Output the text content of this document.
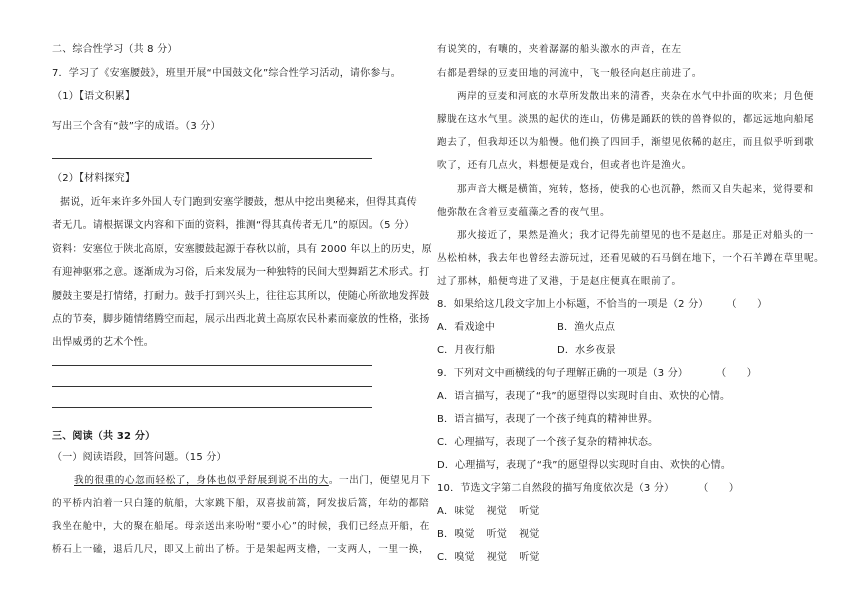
二、综合性学习（共 8 分）
7．学习了《安塞腰鼓》，班里开展“中国鼓文化”综合性学习活动，请你参与。
（1）【语文积累】
写出三个含有“鼓”字的成语。（3 分）
（2）【材料探究】
据说，近年来许多外国人专门跑到安塞学腰鼓，想从中挖出奥秘来，但得其真传
者无几。请根据课文内容和下面的资料，推测“得其真传者无几”的原因。（5 分）
资料：安塞位于陕北高原，安塞腰鼓起源于春秋以前，具有 2000 年以上的历史，原
有迎神驱邪之意。逐渐成为习俗，后来发展为一种独特的民间大型舞蹈艺术形式。打
腰鼓主要是打情绪，打耐力。鼓手打到兴头上，往往忘其所以，使随心所欲地发挥鼓
点的节奏，脚步随情绪腾空而起，展示出西北黄土高原农民朴素而豪放的性格，张扬
出悍威勇的艺术个性。
三、阅读（共 32 分）
（一）阅读语段，回答问题。（15 分）
我的很重的心忽而轻松了，身体也似乎舒展到说不出的大。一出门，便望见月下
的平桥内泊着一只白篷的航船，大家跳下船，双喜拔前篙，阿发拔后篙，年幼的都陪
我坐在舱中，大的聚在船尾。母亲送出来吩咐“要小心”的时候，我们已经点开船，在
桥石上一磕，退后几尺，即又上前出了桥。于是架起两支橹，一支两人，一里一换，
有说笑的，有嚷的，夹着潺潺的船头激水的声音，在左
右都是碧绿的豆麦田地的河流中，飞一般径向赵庄前进了。
两岸的豆麦和河底的水草所发散出来的清香，夹杂在水气中扑面的吹来；月色便
朦胧在这水气里。淡黑的起伏的连山，仿佛是踊跃的铁的兽脊似的，都远远地向船尾
跑去了，但我却还以为船慢。他们换了四回手，渐望见依稀的赵庄，而且似乎听到歌
吹了，还有几点火，料想便是戏台，但或者也许是渔火。
那声音大概是横笛，宛转，悠扬，使我的心也沉静，然而又自失起来，觉得要和
他弥散在含着豆麦蕴藻之香的夜气里。
那火接近了，果然是渔火；我才记得先前望见的也不是赵庄。那是正对船头的一
丛松柏林，我去年也曾经去游玩过，还看见破的石马倒在地下，一个石羊蹲在草里呢。
过了那林，船便弯进了叉港，于是赵庄便真在眼前了。
8．如果给这几段文字加上小标题，不恰当的一项是（2 分） （　　）
A．看戏途中	B．渔火点点
C．月夜行船	D．水乡夜景
9．下列对文中画横线的句子理解正确的一项是（3 分）	（　　）
A．语言描写，表现了“我”的愿望得以实现时自由、欢快的心情。
B．语言描写，表现了一个孩子纯真的精神世界。
C．心理描写，表现了一个孩子复杂的精神状态。
D．心理描写，表现了“我”的愿望得以实现时自由、欢快的心情。
10．节选文字第二自然段的描写角度依次是（3 分） （　　）
A．味觉 视觉 听觉
B．嗅觉 听觉 视觉
C．嗅觉 视觉 听觉
